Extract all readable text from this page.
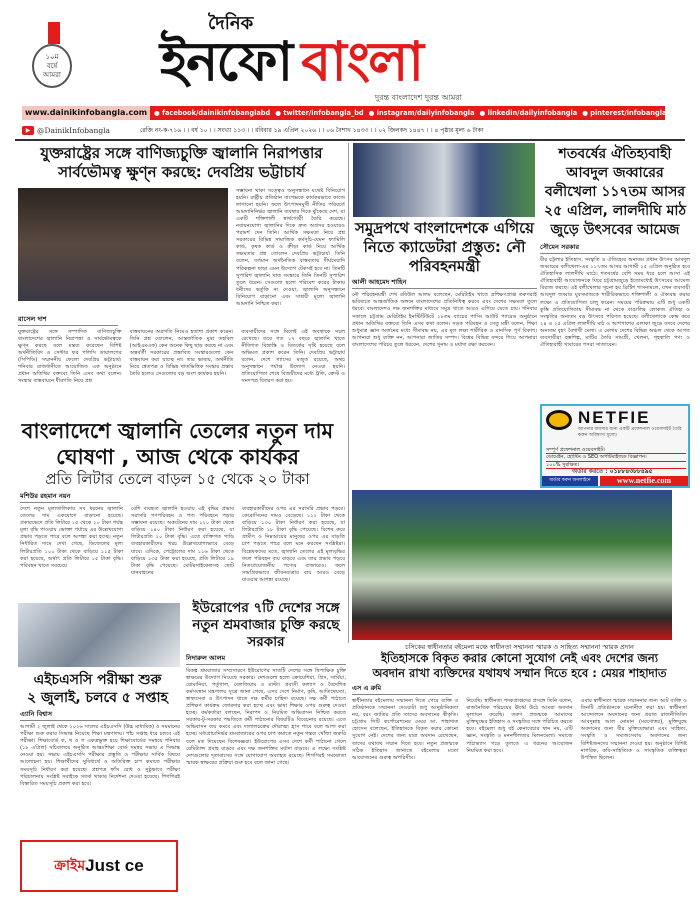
১০ম
বর্ষে
আমরা
দৈনিক
ইনফো বাংলা
দুরন্ত বাংলাদেশ দুরন্ত আমরা
www.dainikinfobangla.com	● facebook/dainikinfobanglabd ● twitter/infobangla_bd ● instagram/dailyinfobangla ● linkedin/dailyinfobangla ● pinterest/infobanglanews
▶ @DainikInfobangla	রেজি নং-ক-৭১৬ । । বর্ষ ১০ । । সংখ্যা ১১৩ । । রবিবার ১৯ এপ্রিল ২০২৬ । । ০৬ বৈশাখ ১৪৩৩ । । ০২ জিলকদ ১৪৪৭ । । ৪ পৃষ্ঠার মূল্য ৬ টাকা
যুক্তরাষ্ট্রের সঙ্গে বাণিজ্যচুক্তি জ্বালানি নিরাপত্তার সার্বভৌমত্ব ক্ষুণ্ন করছে: দেবপ্রিয় ভট্টাচার্য
সম্ভাবনা থাকা সত্ত্বেও অনুসন্ধানে যথেষ্ট বিনিয়োগ হয়নি। রাষ্ট্রীয় প্রতিষ্ঠান বাপেক্সকে কার্যকরভাবে কাজে লাগানো হয়নি। ফলে উৎপাদনমুখী নীতির পরিবর্তে আমদানিনির্ভর জ্বালানি ব্যবস্থার দিকে ঝুঁকেছে দেশ, যা একটি শক্তিশালী স্বার্থগোষ্ঠী তৈরি করেছে। নবায়নযোগ্য জ্বালানির দিকে দ্রুত অগ্রসর হওয়ারও পরামর্শ দেন তিনি। আর্থিক সক্ষমতা নিয়ে প্রশ্ন সরকারের বিভিন্ন সামাজিক কর্মসূচি-যেমন ফ্যামিলি কার্ড, কৃষক কার্ড ও ক্রীড়া কার্ড নিয়ে আর্থিক সক্ষমতার প্রশ্ন তোলেন দেবপ্রিয় ভট্টাচার্য। তিনি বলেন, বর্তমান অর্থনৈতিক বাস্তবতায় দীর্ঘমেয়াদি পরিকল্পনা ছাড়া এমন উদ্যোগ টেকসই হবে না। তিনটি সুপারিশ জ্বালানি খাত সংস্কারে তিনি তিনটি সুপারিশ তুলে ধরেন। সেগুলো হলো পরিবেশ করের টাকায় ধনীদের ভর্তুকি না দেওয়া, জ্বালানি অনুসন্ধানে বিনিয়োগ বাড়ানো এবং সাশ্রয়ী মূল্যে জ্বালানি আমদানি নিশ্চিত করা।
রাসেল দাশ
যুক্তরাষ্ট্রের সঙ্গে সম্পাদিত বাণিজ্যচুক্তি বাংলাদেশের জ্বালানি নিরাপত্তা ও সার্বভৌমত্বকে ক্ষুণ্ন করছে বলে মন্তব্য করেছেন বিশিষ্ট অর্থনীতিবিদ ও সেন্টার ফর পলিসি ডায়ালগের (সিপিডি) সম্মাননীয় ফেলো দেবপ্রিয় ভট্টাচার্য। শনিবার রাজধানীতে আয়োজিত এক অনুষ্ঠানে প্রধান অতিথির বক্তব্যে তিনি এসব কথা বলেন। সংস্কার বাস্তবায়নে ধীরগতি নিয়ে প্রশ্ন
বাস্তবায়নের অগ্রগতি নিয়েও হতাশা প্রকাশ করেন। তিনি প্রশ্ন তোলেন, আন্তর্জাতিক মুদ্রা তহবিল (আইএমএফ) কেন অনেক কিছু ছাড় করছে না এবং অন্তর্বর্তী সরকারের প্রস্তাবিত সংস্কারগুলো কেন বাস্তবায়ন করা যাচ্ছে না। তার ভাষায়, অর্থনীতি নিয়ে শ্বেতপত্র ও বিভিন্ন খাতভিত্তিক সংস্কার প্রস্তাব তৈরি হলেও সেগুলোর বড় অংশ কার্যকর হয়নি।
ব্যবসায়ীদের সঙ্গে মিলেই এই অবস্থাকে সচল রেখেছে। তবে গত ১৭ বছরে জ্বালানি খাতে নীতিগত বিভ্রান্তি ও বিতর্কের সৃষ্টি হয়েছে বলে অভিমত প্রকাশ করেন তিনি। দেবপ্রিয় ভট্টাচার্য বলেন, দেশে গ্যাসের মজুত রয়েছে, অথচ অনুসন্ধানে পর্যাপ্ত উদ্যোগ নেওয়া হয়নি। প্রতিযোগিতা শেষে বিজয়ীদের মধ্যে ট্রফি, ক্রেস্ট ও সনদপত্র বিতরণ করা হয়।
বাংলাদেশে জ্বালানি তেলের নতুন দাম
ঘোষণা , আজ থেকে কার্যকর
প্রতি লিটার তেলে বাড়ল ১৫ থেকে ২০ টাকা
মশিউর রহমান নয়ন
দেশে নতুন মূল্যতালিকায় সব ধরনের জ্বালানি তেলের দাম একযোগে বাড়ানো হয়েছে। প্রকারভেদে প্রতি লিটারে ১৫ থেকে ২০ টাকা পর্যন্ত মূল্য বৃদ্ধি পাওয়ায় ভোক্তা পর্যায়ে এর উল্লেখযোগ্য প্রভাব পড়তে পারে বলে আশঙ্কা করা হচ্ছে। নতুন নির্ধারিত দামে দেখা গেছে, ডিজেলের মূল্য লিটারপ্রতি ১০০ টাকা থেকে বাড়িয়ে ১১৫ টাকা করা হয়েছে, অর্থাৎ প্রতি লিটারে ১৫ টাকা বৃদ্ধি। পরিবহন খাতে সবচেয়ে
বেশি ব্যবহৃত জ্বালানি হওয়ায় এই বৃদ্ধির প্রভাব সরাসরি গণপরিবহন ও পণ্য পরিবহনে পড়ার সম্ভাবনা রয়েছে। অকটেনের দাম ১২০ টাকা থেকে বাড়িয়ে ১৪০ টাকা নির্ধারণ করা হয়েছে, যা লিটারপ্রতি ২০ টাকা বৃদ্ধি। এতে ব্যক্তিগত গাড়ি ব্যবহারকারীদের খরচ উল্লেখযোগ্যভাবে বেড়ে যাবে। এদিকে, পেট্রোলের দাম ১১৬ টাকা থেকে বাড়িয়ে ১৩৫ টাকা করা হয়েছে, প্রতি লিটারে ১৯ টাকা বৃদ্ধি পেয়েছে। মোটরসাইকেলসহ ছোট যানবাহনের
ব্যবহারকারীদের ওপর এর সরাসরি প্রভাব পড়বে। কেরোসিনের দামও বেড়েছে। ১১২ টাকা থেকে বাড়িয়ে ১৩০ টাকা নির্ধারণ করা হয়েছে, যা লিটারপ্রতি ১৮ টাকা বৃদ্ধি পেয়েছে। বিশেষ করে গ্রামীণ ও নিম্নআয়ের মানুষের ওপর এর বাড়তি চাপ পড়তে পারে বলে মনে করছেন সংশ্লিষ্টরা। বিশ্লেষকদের মতে, জ্বালানি তেলের এই মূল্যবৃদ্ধির ফলে পরিবহন ব্যয় বাড়বে এবং তার প্রভাব পড়বে নিত্যপ্রয়োজনীয় পণ্যের বাজারেও। ফলে সামগ্রিকভাবে জীবনযাত্রার ব্যয় আরও বেড়ে যাওয়ার আশঙ্কা রয়েছে।
ইউরোপের ৭টি দেশের সঙ্গে নতুন শ্রমবাজার চুক্তি করছে সরকার
নিদারুল আলম
বিকল্প শ্রমবাজার সম্প্রসারণে ইউরোপের সাতটি দেশের সঙ্গে দ্বিপাক্ষিক চুক্তি স্বাক্ষরের উদ্যোগ নিয়েছে সরকার। দেশগুলো হলো ক্রোয়েশিয়া, গ্রিস, সার্বিয়া, রোমানিয়া, পর্তুগাল, বেলজিয়াম ও মাল্টা। প্রবাসী কল্যাণ ও বৈদেশিক কর্মসংস্থান মন্ত্রণালয় সূত্রে জানা গেছে, এসব দেশে নির্মাণ, কৃষি, আতিথেয়তা, স্বাস্থ্যসেবা ও উৎপাদন খাতে দক্ষ কর্মীর চাহিদা রয়েছে। দক্ষ কর্মী পাঠাতে প্রশিক্ষণ কার্যক্রম জোরদার করা হচ্ছে এবং ভাষা শিক্ষার ওপর গুরুত্ব দেওয়া হচ্ছে। কর্মকর্তারা বলছেন, নিরাপদ ও নিয়মিত অভিবাসন নিশ্চিত করতে সরকার-টু-সরকার পদ্ধতিতে কর্মী পাঠানোর বিষয়টিও বিবেচনায় রয়েছে। এতে অভিবাসন ব্যয় কমবে এবং দালালচক্রের দৌরাত্ম্য হ্রাস পাবে বলে আশা করা হচ্ছে। মধ্যপ্রাচ্যনির্ভর শ্রমবাজারের ওপর চাপ কমাতে নতুন গন্তব্য খোঁজা জরুরি বলে মত দিয়েছেন বিশেষজ্ঞরা। ইউরোপের এসব দেশে কর্মী পাঠানো গেলে রেমিট্যান্স প্রবাহ বাড়বে এবং দক্ষ জনশক্তির মর্যাদা বাড়বে। এ লক্ষ্যে সংশ্লিষ্ট দেশগুলোর দূতাবাসের সঙ্গে যোগাযোগ অব্যাহত রয়েছে। শিগগিরই সমঝোতা স্মারক স্বাক্ষরের প্রক্রিয়া শুরু হবে বলে জানা গেছে।
এইচএসসি পরীক্ষা শুরু
২ জুলাই, চলবে ৫ সপ্তাহ
এ্যানি বিশ্বাস
আগামী ২ জুলাই থেকে ২০২৬ সালের এইচএসসি (উচ্চ মাধ্যমিক) ও সমমানের পরীক্ষা শুরু করার সিদ্ধান্ত নিয়েছে শিক্ষা মন্ত্রণালয়। পাঁচ সপ্তাহ ধরে চলবে এই পরীক্ষা। শিক্ষাবোর্ড ক, খ ও গ একত্রভুক্ত হয়ে শিক্ষাবোর্ডের সমন্বয়ে শনিবার (১৮ এপ্রিল) সচিবালয়ে অনুষ্ঠিত আন্তঃশিক্ষা বোর্ড সমন্বয় সভায় এ সিদ্ধান্ত নেওয়া হয়। সভায় এইচএসসি পরীক্ষার প্রস্তুতি ও পরীক্ষার সার্বিক বিষয়ে আলোচনা হয়। শিক্ষার্থীদের সুবিধার্থে ও অতিরিক্ত চাপ কমাতে পরীক্ষার সময়সূচি নির্ধারণ করা হয়েছে। প্রশ্নপত্র ফাঁস রোধ ও সুষ্ঠুভাবে পরীক্ষা পরিচালনায় সংশ্লিষ্ট সবাইকে সতর্ক থাকার নির্দেশনা দেওয়া হয়েছে। শিগগিরই বিস্তারিত সময়সূচি প্রকাশ করা হবে।
ক্রাইম Just ce
সমুদ্রপথে বাংলাদেশকে এগিয়ে নিতে ক্যাডেটরা প্রস্তুত: নৌ পরিবহনমন্ত্রী
আলী আহমেদ শাহিন
নৌ পরিবহনমন্ত্রী শেখ রবিউল আলম বলেছেন, মেরিটাইম খাতে প্রশিক্ষণপ্রাপ্ত তরুণরাই ভবিষ্যতে আন্তর্জাতিক অঙ্গনে বাংলাদেশের প্রতিনিধিত্ব করবে এবং দেশের সক্ষমতা তুলে ধরবে। বাংলাদেশও দক্ষ জনশক্তির মাধ্যমে সমুদ্র খাতে আরও এগিয়ে যেতে চায়। শনিবার সকালে চট্টগ্রাম মেরিটাইম ইনস্টিটিউটে ২৮তম ব্যাচের পাসিং আউট প্যারেড অনুষ্ঠানে প্রধান অতিথির বক্তব্যে তিনি এসব কথা বলেন। সড়ক পরিবহন ও সেতু মন্ত্রী বলেন, শিক্ষা শুধুমাত্র জ্ঞান অর্জনের মধ্যে সীমাবদ্ধ নয়, এর মূল লক্ষ্য শারীরিক ও মানসিক পূর্ণ বিকাশ। আপনারা শুধু ব্যক্তি নন, আপনারা জাতির সম্পদ। বিশ্বের বিভিন্ন বন্দরে গিয়ে আপনারা বাংলাদেশের পরিচয় তুলে ধরবেন, দেশের সুনাম ও মর্যাদা রক্ষা করবেন।
শতবর্ষের ঐতিহ্যবাহী আবদুল জব্বারের বলীখেলা ১১৭তম আসর ২৫ এপ্রিল, লালদীঘি মাঠ জুড়ে উৎসবের আমেজ
সৌমেন সরকার
বীর চট্টলার ইতিহাস, সংস্কৃতি ও ঐতিহ্যের অন্যতম প্রধান উৎসব আবদুল জব্বারের বলীখেলা-এর ১১৭তম আসর আগামী ২৫ এপ্রিল অনুষ্ঠিত হবে ঐতিহাসিক লালদীঘি মাঠে। শতবর্ষের বেশি সময় ধরে চলে আসা এই ঐতিহ্যবাহী আয়োজনকে ঘিরে চট্টগ্রামজুড়ে ইতোমধ্যেই উৎসবের আমেজ বিরাজ করছে। এই বলীখেলার সূচনা হয় ব্রিটিশ শাসনামলে, যখন ব্যবসায়ী আবদুল জব্বার যুবসমাজকে শারীরিকভাবে শক্তিশালী ও ঐক্যবদ্ধ করার লক্ষ্যে এ প্রতিযোগিতা চালু করেন। সময়ের পরিক্রমায় এটি শুধু একটি কুস্তি প্রতিযোগিতায় সীমাবদ্ধ না থেকে বাঙালির লোকজ ঐতিহ্য ও সংস্কৃতির অন্যতম বড় উৎসবে পরিণত হয়েছে। বলীখেলাকে কেন্দ্র করে ২৪ ও ২৫ এপ্রিল লালদীঘি মাঠ ও আশপাশের এলাকা জুড়ে বসবে দেশের অন্যতম বৃহৎ বৈশাখী মেলা। এ মেলায় দেশের বিভিন্ন অঞ্চল থেকে আগত ব্যবসায়ীরা হস্তশিল্প, মাটির তৈরি সামগ্রী, খেলনা, গৃহস্থালি পণ্য ও ঐতিহ্যবাহী খাবারের পসরা সাজাবেন।
NETFIE
আপনার ব্যবসার জন্য একটি প্রফেশনাল ওয়েবসাইট তৈরি করুন অবিশ্বাস্য মূল্যে।
সম্পূর্ণ প্রফেশনাল ওয়েবসাইট।
ডোমেইন, হোস্টিং ও SEO অপটিমাইজড বিজ্ঞাপন।
১০০% সুরক্ষিত।
অর্ডার করতে : ০১৮৮৪৩৮৮৪৯৫
অর্ডার করুন অনলাইনে	www.netfie.com
চসিকের স্বাধীনতার বইমেলা মঞ্চে স্বাধীনতা সম্মাননা স্মারক ও সাহিত্য সম্মাননা স্মারক প্রদান
ইতিহাসকে বিকৃত করার কোনো সুযোগ নেই এবং দেশের জন্য
অবদান রাখা ব্যক্তিদের যথাযথ সম্মান দিতে হবে : মেয়র শাহাদাত
এস এ রুমি
স্বাধীনতার বইমেলায় সম্মাননা দিতে পেরে ব্যক্তি ও প্রতিষ্ঠানকে সম্মাননা দেওয়াটা শুধু আনুষ্ঠানিকতা নয়, বরং জাতির প্রতি তাদের অবদানের স্বীকৃতি। চট্টগ্রাম সিটি কর্পোরেশনের মেয়র ডা. শাহাদাত হোসেন বলেছেন, ইতিহাসকে বিকৃত করার কোনো সুযোগ নেই। দেশের জন্য যারা অবদান রেখেছেন, তাদের যথাযথ সম্মান দিতে হবে। নতুন প্রজন্মকে সঠিক ইতিহাস জানাতে বইমেলার মতো আয়োজনের গুরুত্ব অপরিসীম।
নিয়েছি। স্বাধীনতা পদকপ্রাপ্তদের প্রসঙ্গে তিনি বলেন, রাজনৈতিক পরিচয়ের ঊর্ধ্বে উঠে আমরা অবদান মূল্যায়ন করেছি। তরুণ প্রজন্মকে আমাদের মুক্তিযুদ্ধের ইতিহাস ও সংস্কৃতির সঙ্গে পরিচিত করতে হবে। বইমেলা শুধু বই কেনাবেচার স্থান নয়, এটি জ্ঞান, সংস্কৃতি ও মননশীলতার মিলনমেলা। সমাজে পাঠাভ্যাস গড়ে তুলতে এ ধরনের আয়োজন নিয়মিত করা হবে।
এবার স্বাধীনতা স্মারক সম্মাননার জন্য আট ব্যক্তি ও তিনটি প্রতিষ্ঠানকে মনোনীত করা হয়। স্বাধীনতা আন্দোলনে অবদানের জন্য প্রয়াত রাজনীতিবিদ আবদুল্লাহ আল নোমান (মরণোত্তর), মুক্তিযুদ্ধে অবদানের জন্য বীর মুক্তিযোদ্ধারা এবং সাহিত্য, সংস্কৃতি ও সমাজসেবায় অবদানের জন্য বিশিষ্টজনদের সম্মাননা দেওয়া হয়। অনুষ্ঠানে বিশিষ্ট নাগরিক, কবি-সাহিত্যিক ও সাংস্কৃতিক ব্যক্তিত্বরা উপস্থিত ছিলেন।
